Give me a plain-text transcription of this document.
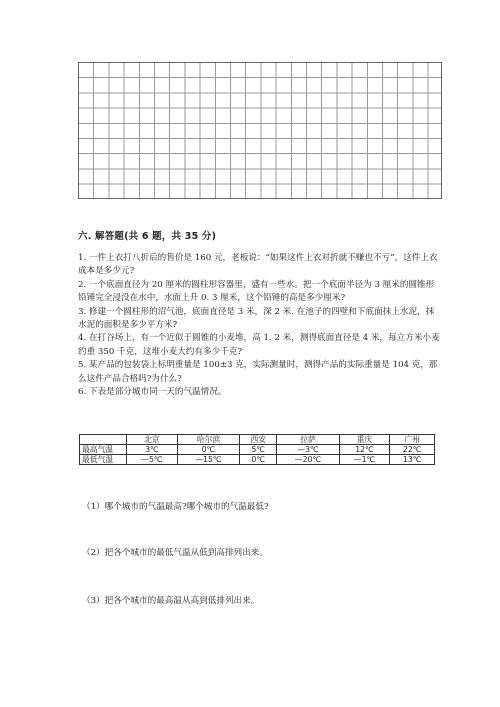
六. 解答题(共 6 题，共 35 分)

1. 一件上衣打八折后的售价是 160 元，老板说：“如果这件上衣对折就不赚也不亏”，这件上衣成本是多少元?

2. 一个底面直径为 20 厘米的圆柱形容器里，盛有一些水。把一个底面半径为 3 厘米的圆锥形铅锤完全浸没在水中，水面上升 0. 3 厘米，这个铅锤的高是多少厘米?

3. 修建一个圆柱形的沼气池，底面直径是 3 米，深 2 米. 在池子的四壁和下底面抹上水泥，抹水泥的面积是多少平方米?

4. 在打谷场上，有一个近似于圆锥的小麦堆，高 1. 2 米，测得底面直径是 4 米，每立方米小麦约重 350 千克，这堆小麦大约有多少千克?

5. 某产品的包装袋上标明重量是 100±3 克，实际测量时，测得产品的实际重量是 104 克，那么这件产品合格吗?为什么?

6. 下表是部分城市同一天的气温情况。

	北京	哈尔滨	西安	拉萨	重庆	广州
最高气温	3℃	0℃	5℃	—3℃	12℃	22℃
最低气温	—5℃	—15℃	0℃	—20℃	—1℃	13℃
（1）哪个城市的气温最高?哪个城市的气温最低?
（2）把各个城市的最低气温从低到高排列出来。
（3）把各个城市的最高温从高到低排列出来。
